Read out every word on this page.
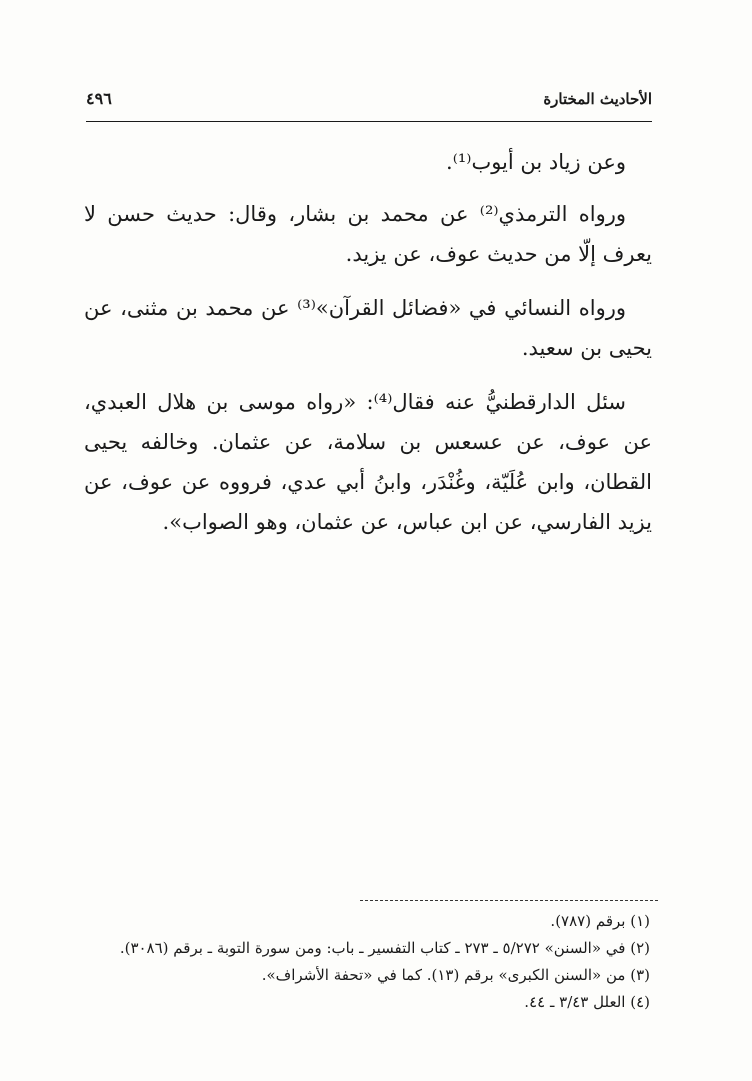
الأحاديث المختارة
٤٩٦

وعن زياد بن أيوب⁽¹⁾.

ورواه الترمذي⁽²⁾ عن محمد بن بشار، وقال: حديث حسن لا يعرف إلّا من حديث عوف، عن يزيد.

ورواه النسائي في «فضائل القرآن»⁽³⁾ عن محمد بن مثنى، عن يحيى بن سعيد.

سئل الدارقطنيُّ عنه فقال⁽⁴⁾: «رواه موسى بن هلال العبدي، عن عوف، عن عسعس بن سلامة، عن عثمان. وخالفه يحيى القطان، وابن عُلَيّة، وغُنْدَر، وابنُ أبي عدي، فرووه عن عوف، عن يزيد الفارسي، عن ابن عباس، عن عثمان، وهو الصواب».

(١) برقم (٧٨٧).

(٢) في «السنن» ٥/٢٧٢ ـ ٢٧٣ ـ كتاب التفسير ـ باب: ومن سورة التوبة ـ برقم (٣٠٨٦).

(٣) من «السنن الكبرى» برقم (١٣). كما في «تحفة الأشراف».

(٤) العلل ٣/٤٣ ـ ٤٤.
